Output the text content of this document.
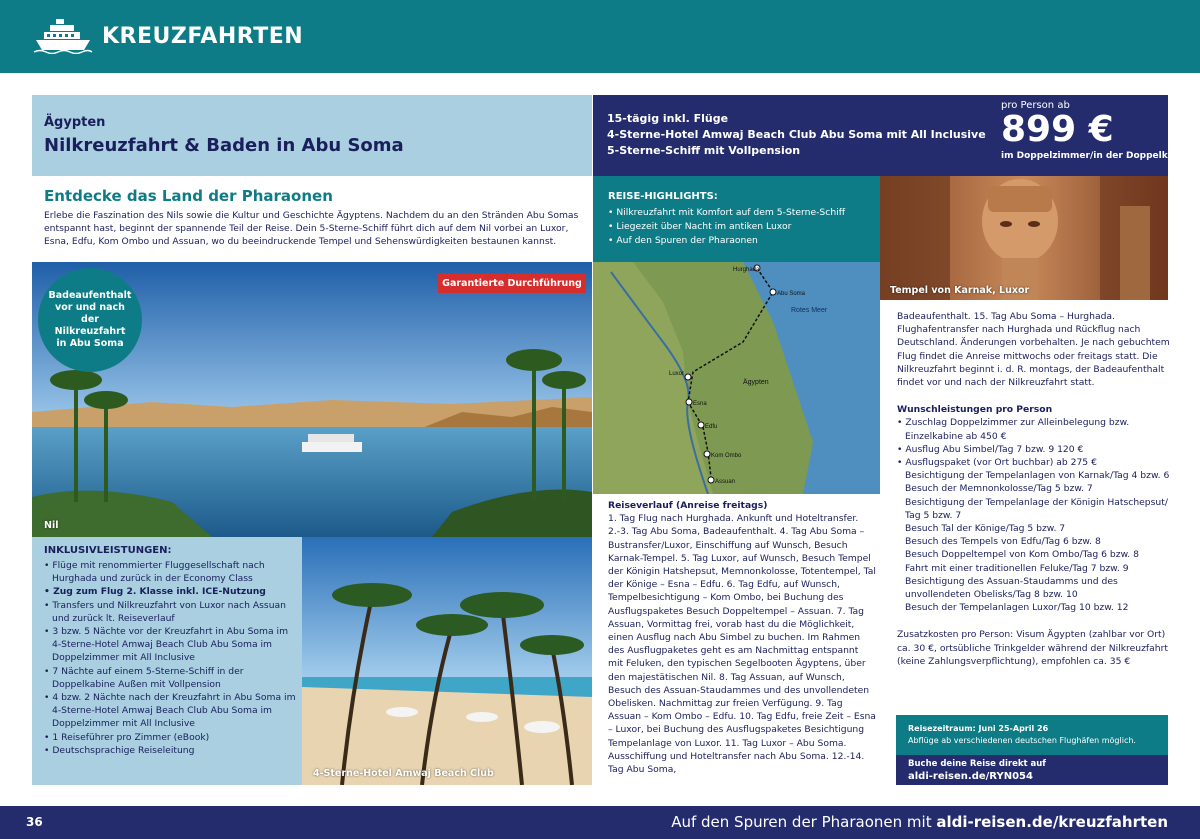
KREUZFAHRTEN
Ägypten
Nilkreuzfahrt & Baden in Abu Soma
15-tägig inkl. Flüge
4-Sterne-Hotel Amwaj Beach Club Abu Soma mit All Inclusive
5-Sterne-Schiff mit Vollpension
pro Person ab
899 €
im Doppelzimmer/in der Doppelkabine
Entdecke das Land der Pharaonen
Erlebe die Faszination des Nils sowie die Kultur und Geschichte Ägyptens. Nachdem du an den Stränden Abu Somas entspannt hast, beginnt der spannende Teil der Reise. Dein 5-Sterne-Schiff führt dich auf dem Nil vorbei an Luxor, Esna, Edfu, Kom Ombo und Assuan, wo du beeindruckende Tempel und Sehenswürdigkeiten bestaunen kannst.
REISE-HIGHLIGHTS:
• Nilkreuzfahrt mit Komfort auf dem 5-Sterne-Schiff
• Liegezeit über Nacht im antiken Luxor
• Auf den Spuren der Pharaonen
Tempel von Karnak, Luxor
Badeaufenthalt vor und nach der Nilkreuzfahrt in Abu Soma
Garantierte Durchführung
Nil
INKLUSIVLEISTUNGEN:
• Flüge mit renommierter Fluggesellschaft nach Hurghada und zurück in der Economy Class
• Zug zum Flug 2. Klasse inkl. ICE-Nutzung
• Transfers und Nilkreuzfahrt von Luxor nach Assuan und zurück lt. Reiseverlauf
• 3 bzw. 5 Nächte vor der Kreuzfahrt in Abu Soma im 4-Sterne-Hotel Amwaj Beach Club Abu Soma im Doppelzimmer mit All Inclusive
• 7 Nächte auf einem 5-Sterne-Schiff in der Doppelkabine Außen mit Vollpension
• 4 bzw. 2 Nächte nach der Kreuzfahrt in Abu Soma im 4-Sterne-Hotel Amwaj Beach Club Abu Soma im Doppelzimmer mit All Inclusive
• 1 Reiseführer pro Zimmer (eBook)
• Deutschsprachige Reiseleitung
4-Sterne-Hotel Amwaj Beach Club
Hurghada
Abu Soma
Rotes Meer
Luxor
Ägypten
Esna
Edfu
Kom Ombo
Assuan
Reiseverlauf (Anreise freitags)
1. Tag Flug nach Hurghada. Ankunft und Hoteltransfer. 2.-3. Tag Abu Soma, Badeaufenthalt. 4. Tag Abu Soma – Bustransfer/Luxor, Einschiffung auf Wunsch, Besuch Karnak-Tempel. 5. Tag Luxor, auf Wunsch, Besuch Tempel der Königin Hatshepsut, Memnonkolosse, Totentempel, Tal der Könige – Esna – Edfu. 6. Tag Edfu, auf Wunsch, Tempelbesichtigung – Kom Ombo, bei Buchung des Ausflugspaketes Besuch Doppeltempel – Assuan. 7. Tag Assuan, Vormittag frei, vorab hast du die Möglichkeit, einen Ausflug nach Abu Simbel zu buchen. Im Rahmen des Ausflugpaketes geht es am Nachmittag entspannt mit Feluken, den typischen Segelbooten Ägyptens, über den majestätischen Nil. 8. Tag Assuan, auf Wunsch, Besuch des Assuan-Staudammes und des unvollendeten Obelisken. Nachmittag zur freien Verfügung. 9. Tag Assuan – Kom Ombo – Edfu. 10. Tag Edfu, freie Zeit – Esna – Luxor, bei Buchung des Ausflugspaketes Besichtigung Tempelanlage von Luxor. 11. Tag Luxor – Abu Soma. Ausschiffung und Hoteltransfer nach Abu Soma. 12.-14. Tag Abu Soma,
Badeaufenthalt. 15. Tag Abu Soma – Hurghada. Flughafentransfer nach Hurghada und Rückflug nach Deutschland. Änderungen vorbehalten. Je nach gebuchtem Flug findet die Anreise mittwochs oder freitags statt. Die Nilkreuzfahrt beginnt i. d. R. montags, der Badeaufenthalt findet vor und nach der Nilkreuzfahrt statt.
Wunschleistungen pro Person
• Zuschlag Doppelzimmer zur Alleinbelegung bzw. Einzelkabine ab 450 €
• Ausflug Abu Simbel/Tag 7 bzw. 9 120 €
• Ausflugspaket (vor Ort buchbar) ab 275 €
Besichtigung der Tempelanlagen von Karnak/Tag 4 bzw. 6
Besuch der Memnonkolosse/Tag 5 bzw. 7
Besichtigung der Tempelanlage der Königin Hatschepsut/ Tag 5 bzw. 7
Besuch Tal der Könige/Tag 5 bzw. 7
Besuch des Tempels von Edfu/Tag 6 bzw. 8
Besuch Doppeltempel von Kom Ombo/Tag 6 bzw. 8
Fahrt mit einer traditionellen Feluke/Tag 7 bzw. 9
Besichtigung des Assuan-Staudamms und des unvollendeten Obelisks/Tag 8 bzw. 10
Besuch der Tempelanlagen Luxor/Tag 10 bzw. 12
Zusatzkosten pro Person: Visum Ägypten (zahlbar vor Ort) ca. 30 €, ortsübliche Trinkgelder während der Nilkreuzfahrt (keine Zahlungsverpflichtung), empfohlen ca. 35 €
Reisezeitraum: Juni 25-April 26
Abflüge ab verschiedenen deutschen Flughäfen möglich.
Buche deine Reise direkt auf
aldi-reisen.de/RYN054
36	Auf den Spuren der Pharaonen mit aldi-reisen.de/kreuzfahrten
